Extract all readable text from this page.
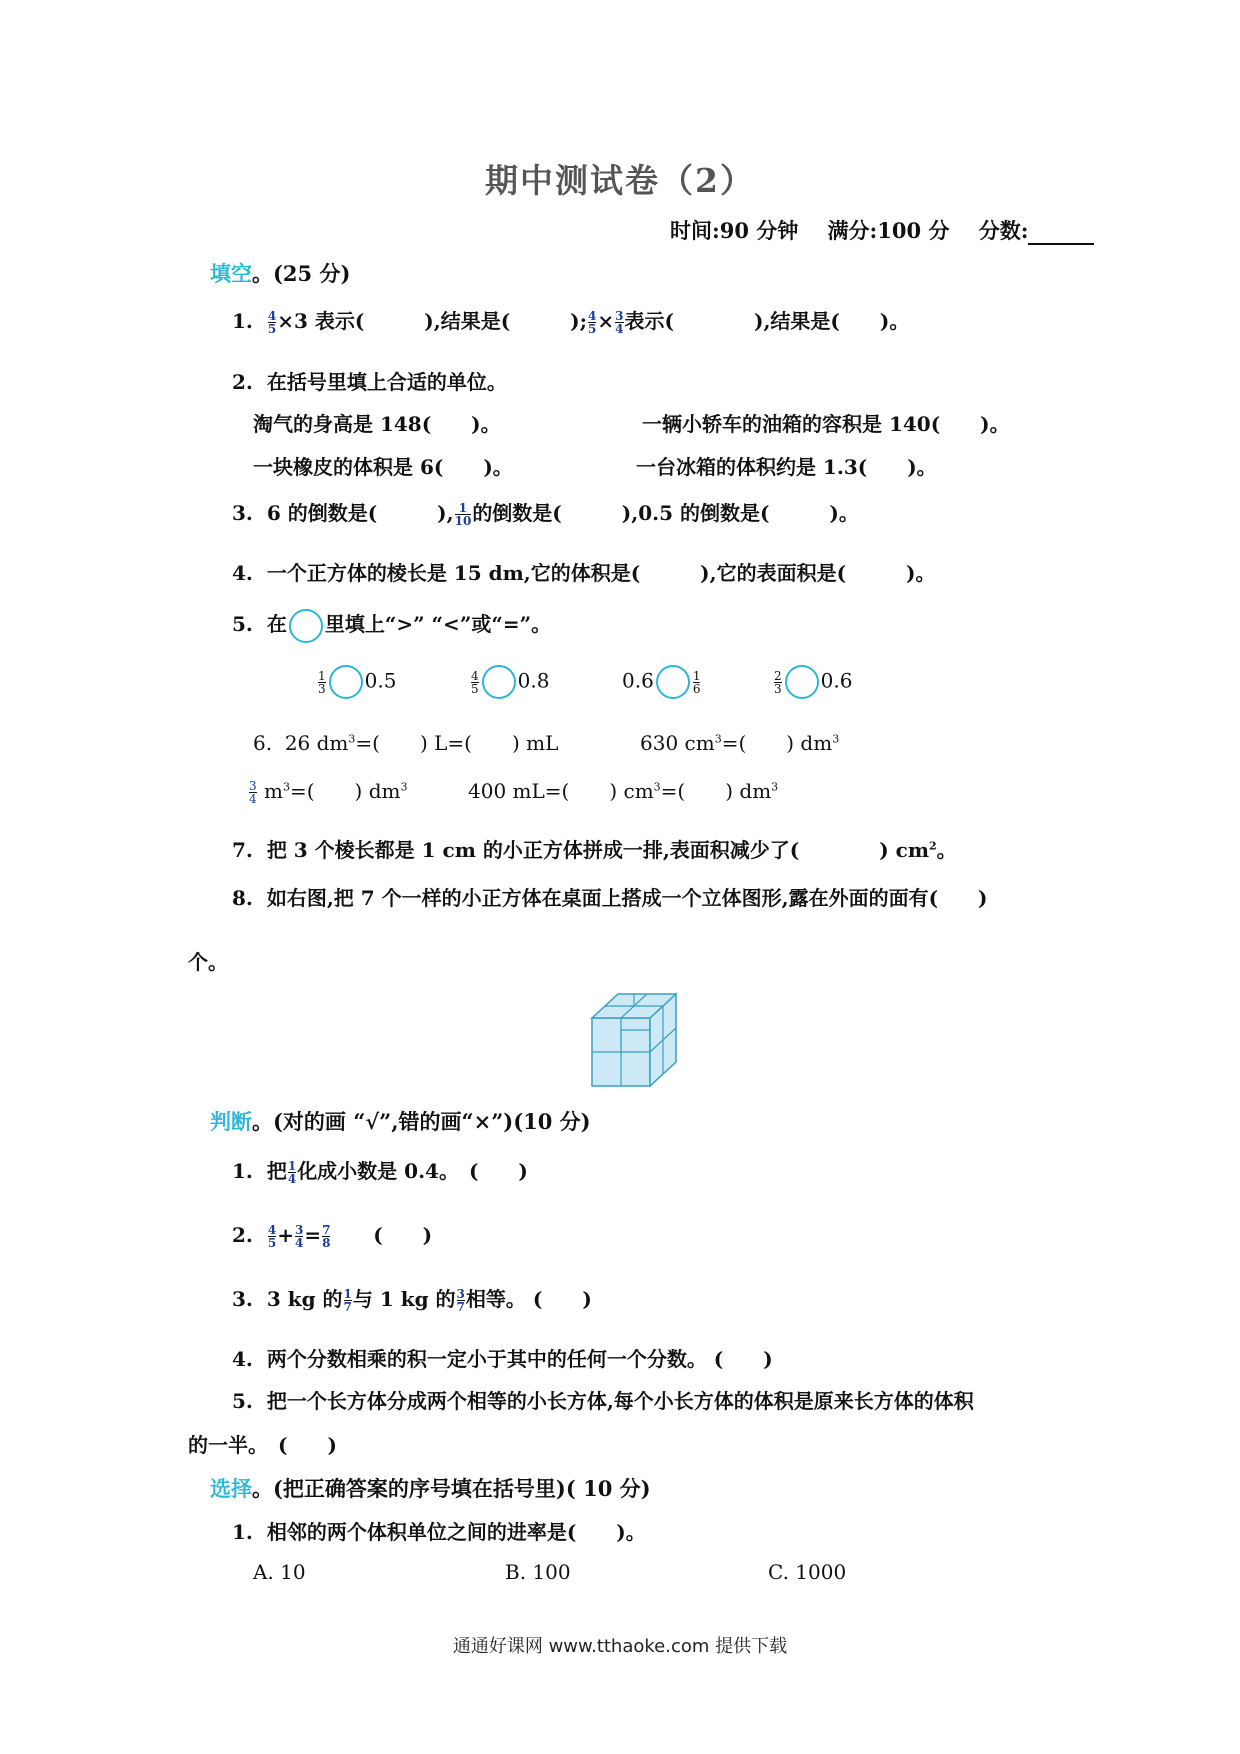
期中测试卷（2）
时间:90 分钟 满分:100 分 分数:
填空。(25 分)
1. $\frac{4}{5} \times 3$ 表示(　　　),结果是(　　　); $\frac{4}{5} \times \frac{3}{4}$ 表示(　　　　),结果是(　　)。
2. 在括号里填上合适的单位。
淘气的身高是 148(　　)。	一辆小轿车的油箱的容积是 140(　　)。
一块橡皮的体积是 6(　　)。	一台冰箱的体积约是 1.3(　　)。
3. 6 的倒数是(　　　), $\frac{1}{10}$ 的倒数是(　　　),0.5 的倒数是(　　　)。
4. 一个正方体的棱长是 15 dm,它的体积是(　　　),它的表面积是(　　　)。
5. 在 里填上“>” “<”或“=”。
$\frac{1}{3} 0.5$	$\frac{4}{5} 0.8$	0.6	$\frac{1}{6}$	$\frac{2}{3} 0.6$
6. 26 $dm^3=$(　　) L=(　　) mL	630 $cm^3=$(　　) $dm^3$
$\frac{3}{4} m^3=$(　　) $dm^3$	400 mL=(　　) $cm^3=$(　　) $dm^3$
7. 把 3 个棱长都是 1 cm 的小正方体拼成一排,表面积减少了(　　　　) $cm^2$。
8. 如右图,把 7 个一样的小正方体在桌面上搭成一个立体图形,露在外面的面有(　　)
个。
判断。(对的画 “√”,错的画“×”)(10 分)
1. 把 $\frac{1}{4}$ 化成小数是 0.4。　(　　)
2. $\frac{4}{5} + \frac{3}{4} = \frac{7}{8}$ (　　)
3. 3 kg 的 $\frac{1}{7}$ 与 1 kg 的 $\frac{3}{7}$ 相等。 (　　)
4. 两个分数相乘的积一定小于其中的任何一个分数。 (　　)
5. 把一个长方体分成两个相等的小长方体,每个小长方体的体积是原来长方体的体积
的一半。　(　　)
选择。(把正确答案的序号填在括号里)( 10 分)
1. 相邻的两个体积单位之间的进率是(　　)。
A. 10	B. 100	C. 1000
通通好课网 www.tthaoke.com 提供下载
